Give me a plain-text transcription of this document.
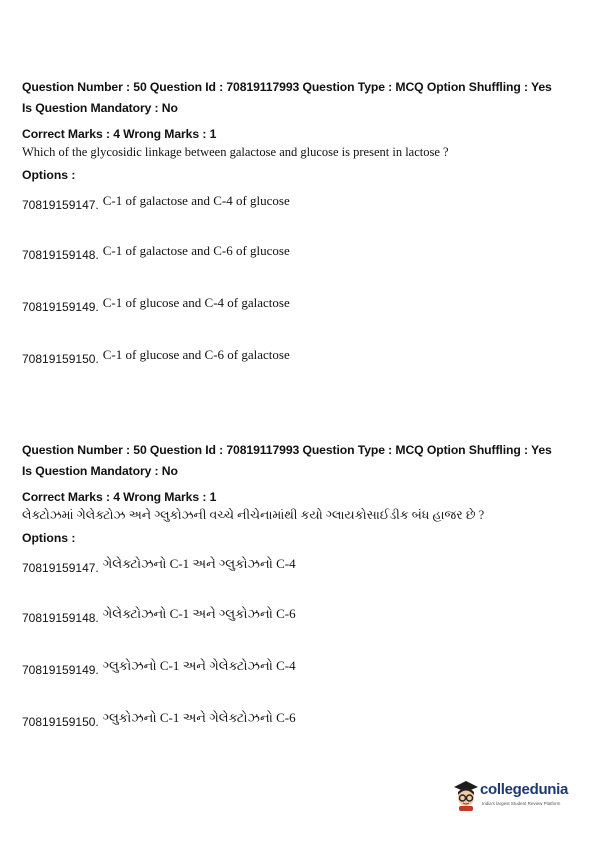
Question Number : 50 Question Id : 70819117993 Question Type : MCQ Option Shuffling : Yes
Is Question Mandatory : No
Correct Marks : 4 Wrong Marks : 1
Which of the glycosidic linkage between galactose and glucose is present in lactose ?
Options :
70819159147. $^{C-1 of galactose and C-4 of glucose}$
70819159148. $^{C-1 of galactose and C-6 of glucose}$
70819159149. $^{C-1 of glucose and C-4 of galactose}$
70819159150. $^{C-1 of glucose and C-6 of galactose}$
Question Number : 50 Question Id : 70819117993 Question Type : MCQ Option Shuffling : Yes
Is Question Mandatory : No
Correct Marks : 4 Wrong Marks : 1
લેક્ટોઝમાં ગેલેક્ટોઝ અને ગ્લુકોઝની વચ્ચે નીચેનામાંથી કયો ગ્લાયકોસાઈડીક બંધ હાજર છે ?
Options :
70819159147. $^{ગેલેક્ટોઝનો C-1 અને ગ્લુકોઝનો C-4}$
70819159148. $^{ગેલેક્ટોઝનો C-1 અને ગ્લુકોઝનો C-6}$
70819159149. $^{ગ્લુકોઝનો C-1 અને ગેલેક્ટોઝનો C-4}$
70819159150. $^{ગ્લુકોઝનો C-1 અને ગેલેક્ટોઝનો C-6}$
collegedunia
India's largest Student Review Platform
